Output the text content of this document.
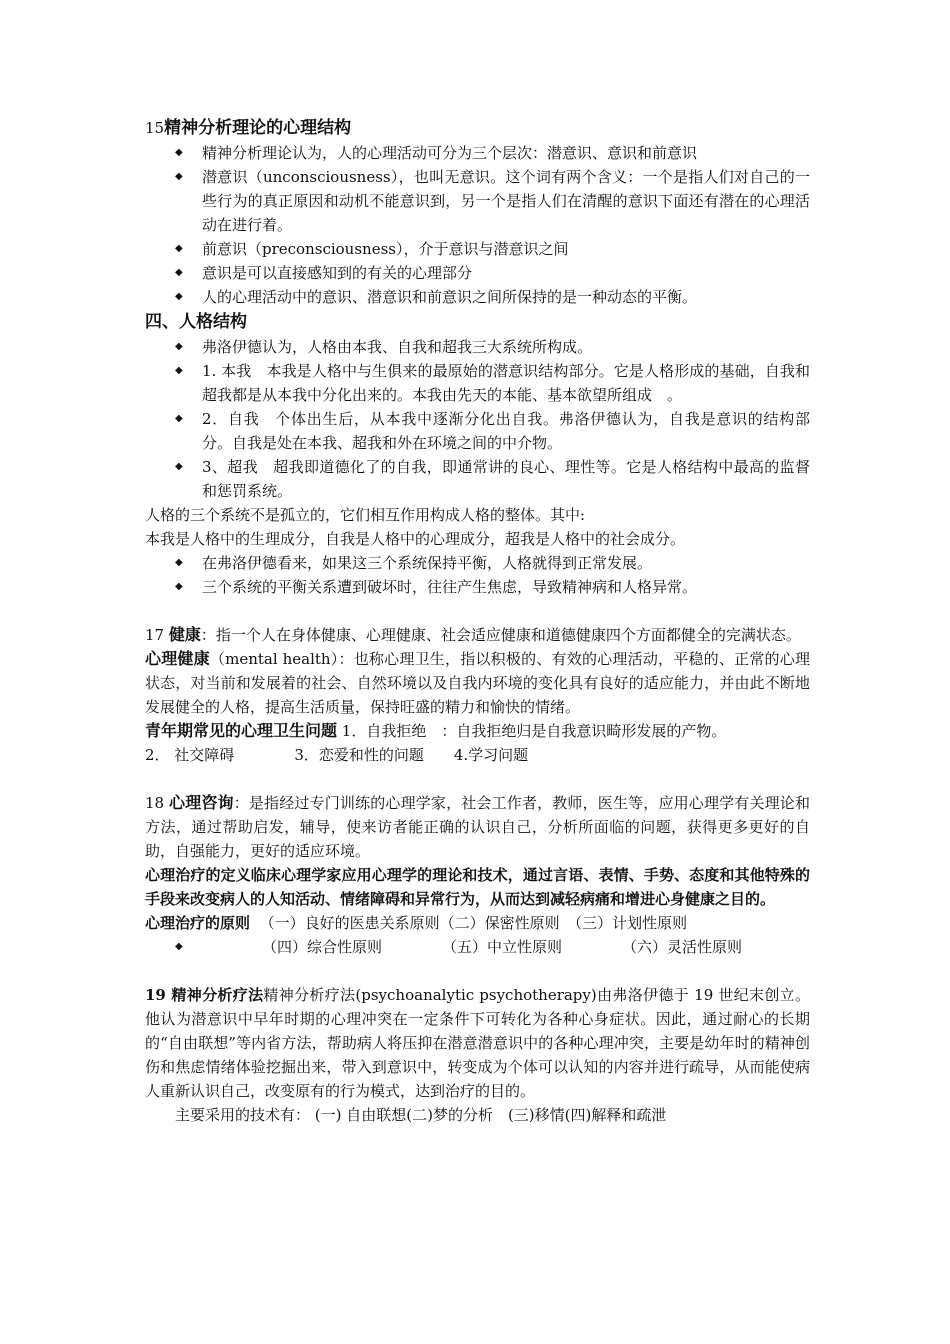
15精神分析理论的心理结构

◆ 精神分析理论认为，人的心理活动可分为三个层次：潜意识、意识和前意识

◆ 潜意识（unconsciousness），也叫无意识。这个词有两个含义：一个是指人们对自己的一些行为的真正原因和动机不能意识到，另一个是指人们在清醒的意识下面还有潜在的心理活动在进行着。

◆ 前意识（preconsciousness），介于意识与潜意识之间

◆ 意识是可以直接感知到的有关的心理部分

◆ 人的心理活动中的意识、潜意识和前意识之间所保持的是一种动态的平衡。

四、人格结构

◆ 弗洛伊德认为，人格由本我、自我和超我三大系统所构成。

◆ 1. 本我　本我是人格中与生俱来的最原始的潜意识结构部分。它是人格形成的基础，自我和超我都是从本我中分化出来的。本我由先天的本能、基本欲望所组成　。

◆ 2．自我　个体出生后，从本我中逐渐分化出自我。弗洛伊德认为，自我是意识的结构部分。自我是处在本我、超我和外在环境之间的中介物。

◆ 3、超我　超我即道德化了的自我，即通常讲的良心、理性等。它是人格结构中最高的监督和惩罚系统。

人格的三个系统不是孤立的，它们相互作用构成人格的整体。其中:

本我是人格中的生理成分，自我是人格中的心理成分，超我是人格中的社会成分。

◆ 在弗洛伊德看来，如果这三个系统保持平衡，人格就得到正常发展。

◆ 三个系统的平衡关系遭到破坏时，往往产生焦虑，导致精神病和人格异常。

17 健康：指一个人在身体健康、心理健康、社会适应健康和道德健康四个方面都健全的完满状态。

心理健康（mental health）：也称心理卫生，指以积极的、有效的心理活动，平稳的、正常的心理状态，对当前和发展着的社会、自然环境以及自我内环境的变化具有良好的适应能力，并由此不断地发展健全的人格，提高生活质量，保持旺盛的精力和愉快的情绪。

青年期常见的心理卫生问题 1．自我拒绝　：自我拒绝归是自我意识畸形发展的产物。

2． 社交障碍	3．恋爱和性的问题 4.学习问题

18 心理咨询：是指经过专门训练的心理学家，社会工作者，教师，医生等，应用心理学有关理论和方法，通过帮助启发，辅导，使来访者能正确的认识自己，分析所面临的问题，获得更多更好的自助，自强能力，更好的适应环境。

心理治疗的定义临床心理学家应用心理学的理论和技术，通过言语、表情、手势、态度和其他特殊的手段来改变病人的人知活动、情绪障碍和异常行为，从而达到减轻病痛和增进心身健康之目的。

心理治疗的原则 （一）良好的医患关系原则（二）保密性原则　（三）计划性原则

◆	（四）综合性原则	（五）中立性原则	（六）灵活性原则

19 精神分析疗法精神分析疗法(psychoanalytic psychotherapy)由弗洛伊德于 19 世纪末创立。他认为潜意识中早年时期的心理冲突在一定条件下可转化为各种心身症状。因此，通过耐心的长期的“自由联想”等内省方法，帮助病人将压抑在潜意潜意识中的各种心理冲突，主要是幼年时的精神创伤和焦虑情绪体验挖掘出来，带入到意识中，转变成为个体可以认知的内容并进行疏导，从而能使病人重新认识自己，改变原有的行为模式，达到治疗的目的。

主要采用的技术有： (一) 自由联想(二)梦的分析　(三)移情(四)解释和疏泄
